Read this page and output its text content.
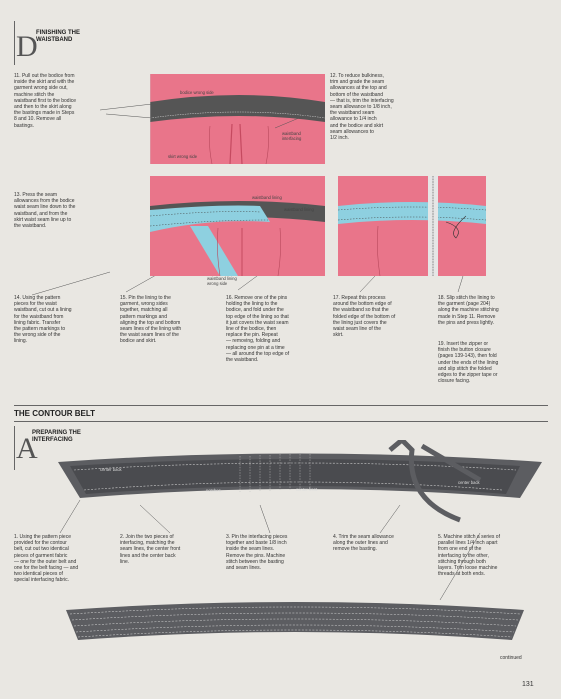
D
FINISHING THE
WAISTBAND
11. Pull out the bodice from
inside the skirt and with the
garment wrong side out,
machine stitch the
waistband first to the bodice
and then to the skirt along
the bastings made in Steps
8 and 10. Remove all
bastings.
12. To reduce bulkiness,
trim and grade the seam
allowances at the top and
bottom of the waistband
— that is, trim the interfacing
seam allowance to 1/8 inch,
the waistband seam
allowance to 1/4 inch
and the bodice and skirt
seam allowances to
1/2 inch.
13. Press the seam
allowances from the bodice
waist seam line down to the
waistband, and from the
skirt waist seam line up to
the waistband.
bodice wrong side
skirt wrong side
waistband
interfacing
waistband lining
waistband lining
wrong side
waistband lining
14. Using the pattern
pieces for the waist
waistband, cut out a lining
for the waistband from
lining fabric. Transfer
the pattern markings to
the wrong side of the
lining.
15. Pin the lining to the
garment, wrong sides
together, matching all
pattern markings and
aligning the top and bottom
seam lines of the lining with
the waist seam lines of the
bodice and skirt.
16. Remove one of the pins
holding the lining to the
bodice, and fold under the
top edge of the lining so that
it just covers the waist seam
line of the bodice, then
replace the pin. Repeat
— removing, folding and
replacing one pin at a time
— all around the top edge of
the waistband.
17. Repeat this process
around the bottom edge of
the waistband so that the
folded edge of the bottom of
the lining just covers the
waist seam line of the
skirt.
18. Slip stitch the lining to
the garment (page 204)
along the machine stitching
made in Step 11. Remove
the pins and press lightly.
19. Insert the zipper or
finish the button closure
(pages 139-143), then fold
under the ends of the lining
and slip stitch the folded
edges to the zipper tape or
closure facing.
THE CONTOUR BELT
A
PREPARING THE
INTERFACING
center back
notches	center front
center back
1. Using the pattern piece
provided for the contour
belt, cut out two identical
pieces of garment fabric
— one for the outer belt and
one for the belt facing — and
two identical pieces of
special interfacing fabric.
2. Join the two pieces of
interfacing, matching the
seam lines, the center front
lines and the center back
line.
3. Pin the interfacing pieces
together and baste 1/8 inch
inside the seam lines.
Remove the pins. Machine
stitch between the basting
and seam lines.
4. Trim the seam allowance
along the outer lines and
remove the basting.
5. Machine stitch a series of
parallel lines 1/4 inch apart
from one end of the
interfacing to the other,
stitching through both
layers. loose machine
threads at both ends.
continued
131
